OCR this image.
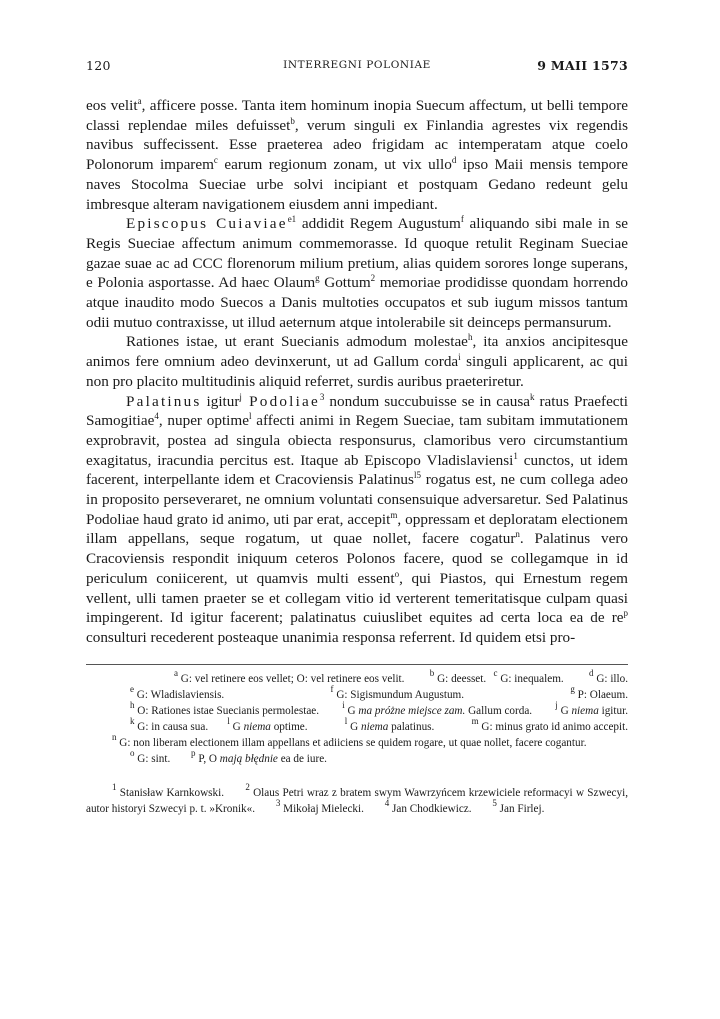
120	INTERREGNI POLONIAE	9 MAII 1573

eos velit$^a$, afficere posse. Tanta item hominum inopia Suecum affectum, ut belli tempore classi replendae miles defuisset$^b$, verum singuli ex Finlandia agrestes vix regendis navibus suffecissent. Esse praeterea adeo frigidam ac intemperatam atque coelo Polonorum imparem$^c$ earum regionum zonam, ut vix ullo$^d$ ipso Maii mensis tempore naves Stocolma Sueciae urbe solvi incipiant et postquam Gedano redeunt gelu imbresque alteram navigationem eiusdem anni impediant.

Episcopus Cuiaviae$^{e1}$ addidit Regem Augustum$^f$ aliquando sibi male in se Regis Sueciae affectum animum commemorasse. Id quoque retulit Reginam Sueciae gazae suae ac ad CCC florenorum milium pretium, alias quidem sorores longe superans, e Polonia asportasse. Ad haec Olaum$^g$ Gottum$^2$ memoriae prodidisse quondam horrendo atque inaudito modo Suecos a Danis multoties occupatos et sub iugum missos tantum odii mutuo contraxisse, ut illud aeternum atque intolerabile sit deinceps permansurum.

Rationes istae, ut erant Suecianis admodum molestae$^h$, ita anxios ancipitesque animos fere omnium adeo devinxerunt, ut ad Gallum corda$^i$ singuli applicarent, ac qui non pro placito multitudinis aliquid referret, surdis auribus praeteriretur.

Palatinus igitur$^j$ Podoliae$^3$ nondum succubuisse se in causa$^k$ ratus Praefecti Samogitiae$^4$, nuper optime$^l$ affecti animi in Regem Sueciae, tam subitam immutationem exprobravit, postea ad singula obiecta responsurus, clamoribus vero circumstantium exagitatus, iracundia percitus est. Itaque ab Episcopo Vladislaviensi$^1$ cunctos, ut idem facerent, interpellante idem et Cracoviensis Palatinus$^{l5}$ rogatus est, ne cum collega adeo in proposito perseveraret, ne omnium voluntati consensuique adversaretur. Sed Palatinus Podoliae haud grato id animo, uti par erat, accepit$^m$, oppressam et deploratam electionem illam appellans, seque rogatum, ut quae nollet, facere cogatur$^n$. Palatinus vero Cracoviensis respondit iniquum ceteros Polonos facere, quod se collegamque in id periculum coniicerent, ut quamvis multi essent$^o$, qui Piastos, qui Ernestum regem vellent, ulli tamen praeter se et collegam vitio id verterent temeritatisque culpam quasi impingerent. Id igitur facerent; palatinatus cuiuslibet equites ad certa loca ea de $re^p$ consulturi recederent posteaque unanimia responsa referrent. Id quidem etsi pro-

$^a$ G: vel retinere eos vellet; O: vel retinere eos velit.	$^b$ G: deesset. $^c$ G: inequalem.	$^d$ G: illo. $^e$ G: Wladislaviensis.	$^f$ G: Sigismundum Augustum.	$^g$ P: Olaeum. $^h$ O: Rationes istae Suecianis permolestae.	$^i$ G ma próżne miejsce zam. Gallum corda.	$^j$ G niema igitur. $^k$ G: in causa sua. $^l$ G niema optime.	$^l$ G niema palatinus.	$^m$ G: minus grato id animo accepit. $^n$ G: non liberam electionem illam appellans et adiiciens se quidem rogare, ut quae nollet, facere cogantur. $^o$ G: sint. $^p$ P, O mają błędnie ea de iure.
$^1$ Stanisław Karnkowski. $^2$ Olaus Petri wraz z bratem swym Wawrzyńcem krzewiciele reformacyi w Szwecyi, autor historyi Szwecyi p. t. »Kronik«. $^3$ Mikołaj Mielecki. $^4$ Jan Chodkiewicz. $^5$ Jan Firlej.
